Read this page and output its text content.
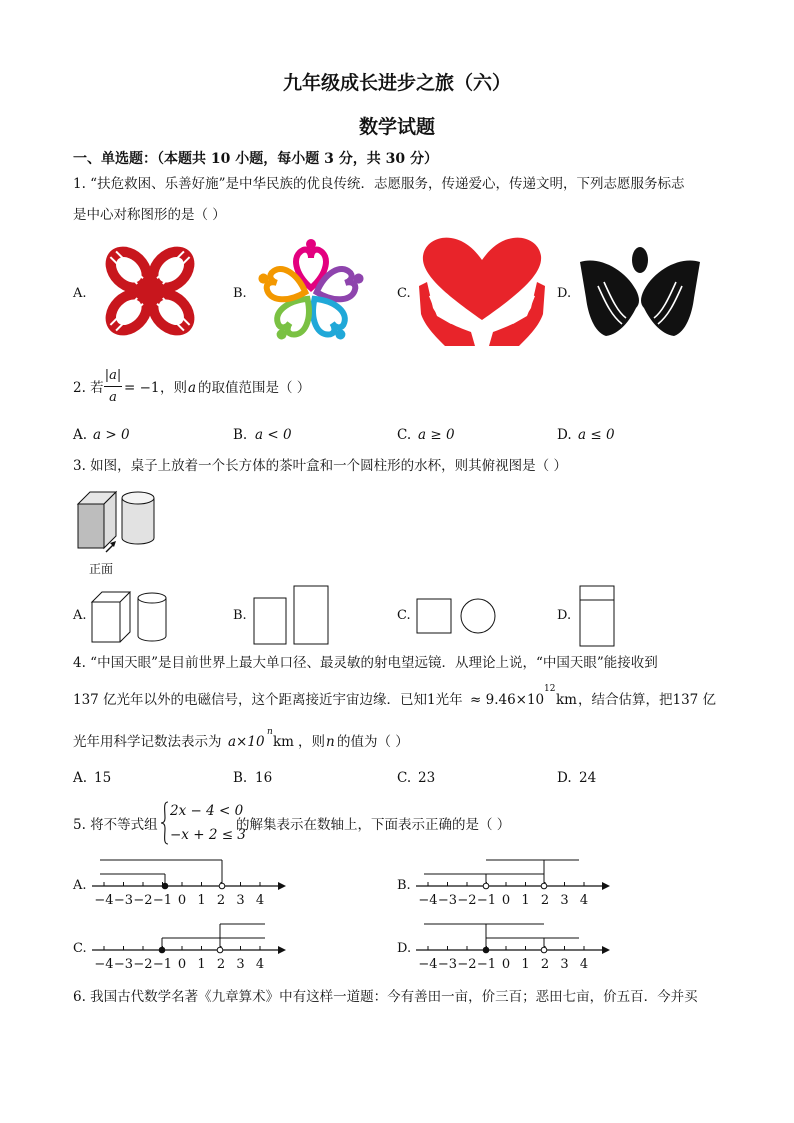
九年级成长进步之旅（六）
数学试题
一、单选题：（本题共 10 小题，每小题 3 分，共 30 分）
1. “扶危救困、乐善好施”是中华民族的优良传统．志愿服务，传递爱心，传递文明，下列志愿服务标志
是中心对称图形的是（ ）
A.	B.	C.	D.
2. 若
|a|
a
= −1 ，则 a 的取值范围是（ ）
A. a > 0	B. a < 0	C. a ≥ 0	D. a ≤ 0
3. 如图，桌子上放着一个长方体的茶叶盒和一个圆柱形的水杯，则其俯视图是（ ）
正面
A.	B.	C.	D.
4. “中国天眼”是目前世界上最大单口径、最灵敏的射电望远镜．从理论上说，“中国天眼”能接收到
137 亿光年以外的电磁信号，这个距离接近宇宙边缘．已知1光年 ≈ 9.46×10
12
km ，结合估算，把137 亿
光年用科学记数法表示为 a×10
n
km ，则 n 的值为（ ）
A. 15	B. 16	C. 23	D. 24
5. 将不等式组
2x − 4 < 0
−x + 2 ≤ 3
的解集表示在数轴上，下面表示正确的是（ ）
A.
−4 −3 −2 −1 0 1 2 3 4
B.
−4 −3 −2 −1 0 1 2 3 4
C.
−4 −3 −2 −1 0 1 2 3 4
D.
−4 −3 −2 −1 0 1 2 3 4
6. 我国古代数学名著《九章算术》中有这样一道题：今有善田一亩，价三百；恶田七亩，价五百．今并买
